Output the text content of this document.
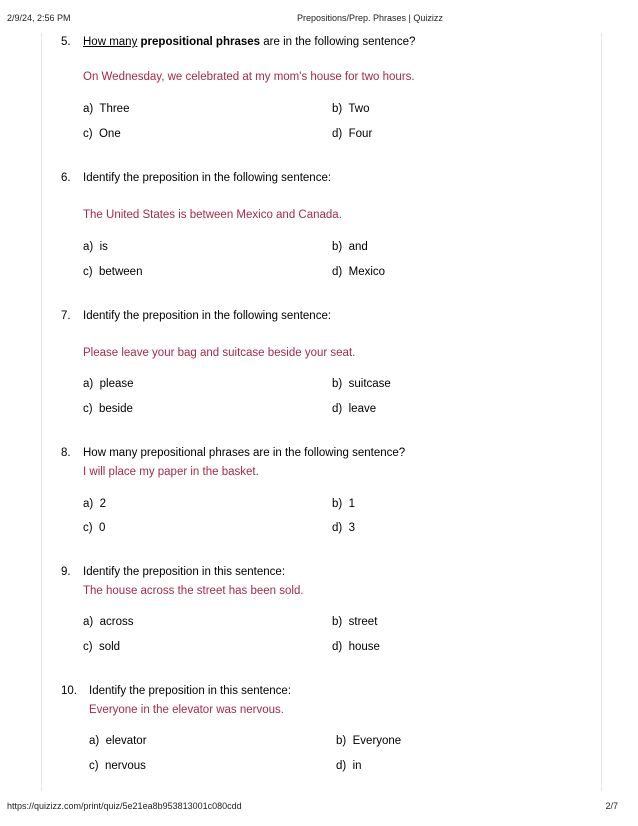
2/9/24, 2:56 PM	Prepositions/Prep. Phrases | Quizizz
5. How many prepositional phrases are in the following sentence?
On Wednesday, we celebrated at my mom's house for two hours.
a) Three	b) Two
c) One	d) Four
6. Identify the preposition in the following sentence:
The United States is between Mexico and Canada.
a) is	b) and
c) between	d) Mexico
7. Identify the preposition in the following sentence:
Please leave your bag and suitcase beside your seat.
a) please	b) suitcase
c) beside	d) leave
8. How many prepositional phrases are in the following sentence?
I will place my paper in the basket.
a) 2	b) 1
c) 0	d) 3
9. Identify the preposition in this sentence:
The house across the street has been sold.
a) across	b) street
c) sold	d) house
10. Identify the preposition in this sentence:
Everyone in the elevator was nervous.
a) elevator	b) Everyone
c) nervous	d) in
https://quizizz.com/print/quiz/5e21ea8b953813001c080cdd	2/7
